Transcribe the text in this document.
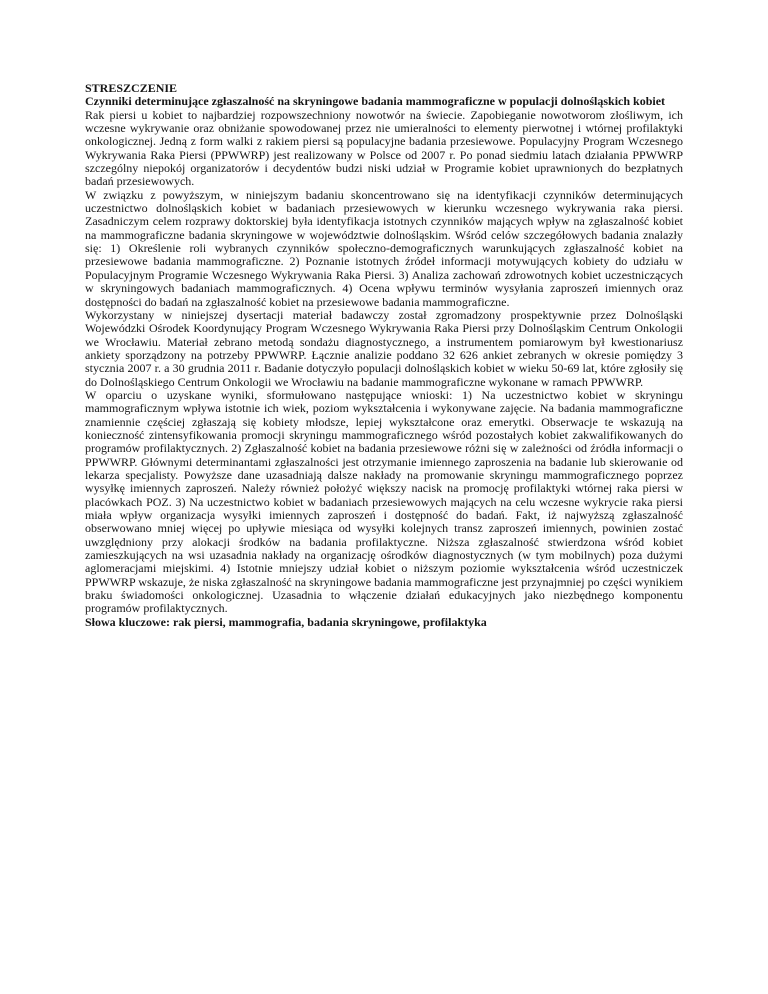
STRESZCZENIE

Czynniki determinujące zgłaszalność na skryningowe badania mammograficzne w populacji dolnośląskich kobiet

Rak piersi u kobiet to najbardziej rozpowszechniony nowotwór na świecie. Zapobieganie nowotworom złośliwym, ich wczesne wykrywanie oraz obniżanie spowodowanej przez nie umieralności to elementy pierwotnej i wtórnej profilaktyki onkologicznej. Jedną z form walki z rakiem piersi są populacyjne badania przesiewowe. Populacyjny Program Wczesnego Wykrywania Raka Piersi (PPWWRP) jest realizowany w Polsce od 2007 r. Po ponad siedmiu latach działania PPWWRP szczególny niepokój organizatorów i decydentów budzi niski udział w Programie kobiet uprawnionych do bezpłatnych badań przesiewowych.

W związku z powyższym, w niniejszym badaniu skoncentrowano się na identyfikacji czynników determinujących uczestnictwo dolnośląskich kobiet w badaniach przesiewowych w kierunku wczesnego wykrywania raka piersi. Zasadniczym celem rozprawy doktorskiej była identyfikacja istotnych czynników mających wpływ na zgłaszalność kobiet na mammograficzne badania skryningowe w województwie dolnośląskim. Wśród celów szczegółowych badania znalazły się: 1) Określenie roli wybranych czynników społeczno-demograficznych warunkujących zgłaszalność kobiet na przesiewowe badania mammograficzne. 2) Poznanie istotnych źródeł informacji motywujących kobiety do udziału w Populacyjnym Programie Wczesnego Wykrywania Raka Piersi. 3) Analiza zachowań zdrowotnych kobiet uczestniczących w skryningowych badaniach mammograficznych. 4) Ocena wpływu terminów wysyłania zaproszeń imiennych oraz dostępności do badań na zgłaszalność kobiet na przesiewowe badania mammograficzne.

Wykorzystany w niniejszej dysertacji materiał badawczy został zgromadzony prospektywnie przez Dolnośląski Wojewódzki Ośrodek Koordynujący Program Wczesnego Wykrywania Raka Piersi przy Dolnośląskim Centrum Onkologii we Wrocławiu. Materiał zebrano metodą sondażu diagnostycznego, a instrumentem pomiarowym był kwestionariusz ankiety sporządzony na potrzeby PPWWRP. Łącznie analizie poddano 32 626 ankiet zebranych w okresie pomiędzy 3 stycznia 2007 r. a 30 grudnia 2011 r. Badanie dotyczyło populacji dolnośląskich kobiet w wieku 50-69 lat, które zgłosiły się do Dolnośląskiego Centrum Onkologii we Wrocławiu na badanie mammograficzne wykonane w ramach PPWWRP.

W oparciu o uzyskane wyniki, sformułowano następujące wnioski: 1) Na uczestnictwo kobiet w skryningu mammograficznym wpływa istotnie ich wiek, poziom wykształcenia i wykonywane zajęcie. Na badania mammograficzne znamiennie częściej zgłaszają się kobiety młodsze, lepiej wykształcone oraz emerytki. Obserwacje te wskazują na konieczność zintensyfikowania promocji skryningu mammograficznego wśród pozostałych kobiet zakwalifikowanych do programów profilaktycznych. 2) Zgłaszalność kobiet na badania przesiewowe różni się w zależności od źródła informacji o PPWWRP. Głównymi determinantami zgłaszalności jest otrzymanie imiennego zaproszenia na badanie lub skierowanie od lekarza specjalisty. Powyższe dane uzasadniają dalsze nakłady na promowanie skryningu mammograficznego poprzez wysyłkę imiennych zaproszeń. Należy również położyć większy nacisk na promocję profilaktyki wtórnej raka piersi w placówkach POZ. 3) Na uczestnictwo kobiet w badaniach przesiewowych mających na celu wczesne wykrycie raka piersi miała wpływ organizacja wysyłki imiennych zaproszeń i dostępność do badań. Fakt, iż najwyższą zgłaszalność obserwowano mniej więcej po upływie miesiąca od wysyłki kolejnych transz zaproszeń imiennych, powinien zostać uwzględniony przy alokacji środków na badania profilaktyczne. Niższa zgłaszalność stwierdzona wśród kobiet zamieszkujących na wsi uzasadnia nakłady na organizację ośrodków diagnostycznych (w tym mobilnych) poza dużymi aglomeracjami miejskimi. 4) Istotnie mniejszy udział kobiet o niższym poziomie wykształcenia wśród uczestniczek PPWWRP wskazuje, że niska zgłaszalność na skryningowe badania mammograficzne jest przynajmniej po części wynikiem braku świadomości onkologicznej. Uzasadnia to włączenie działań edukacyjnych jako niezbędnego komponentu programów profilaktycznych.

Słowa kluczowe: rak piersi, mammografia, badania skryningowe, profilaktyka
